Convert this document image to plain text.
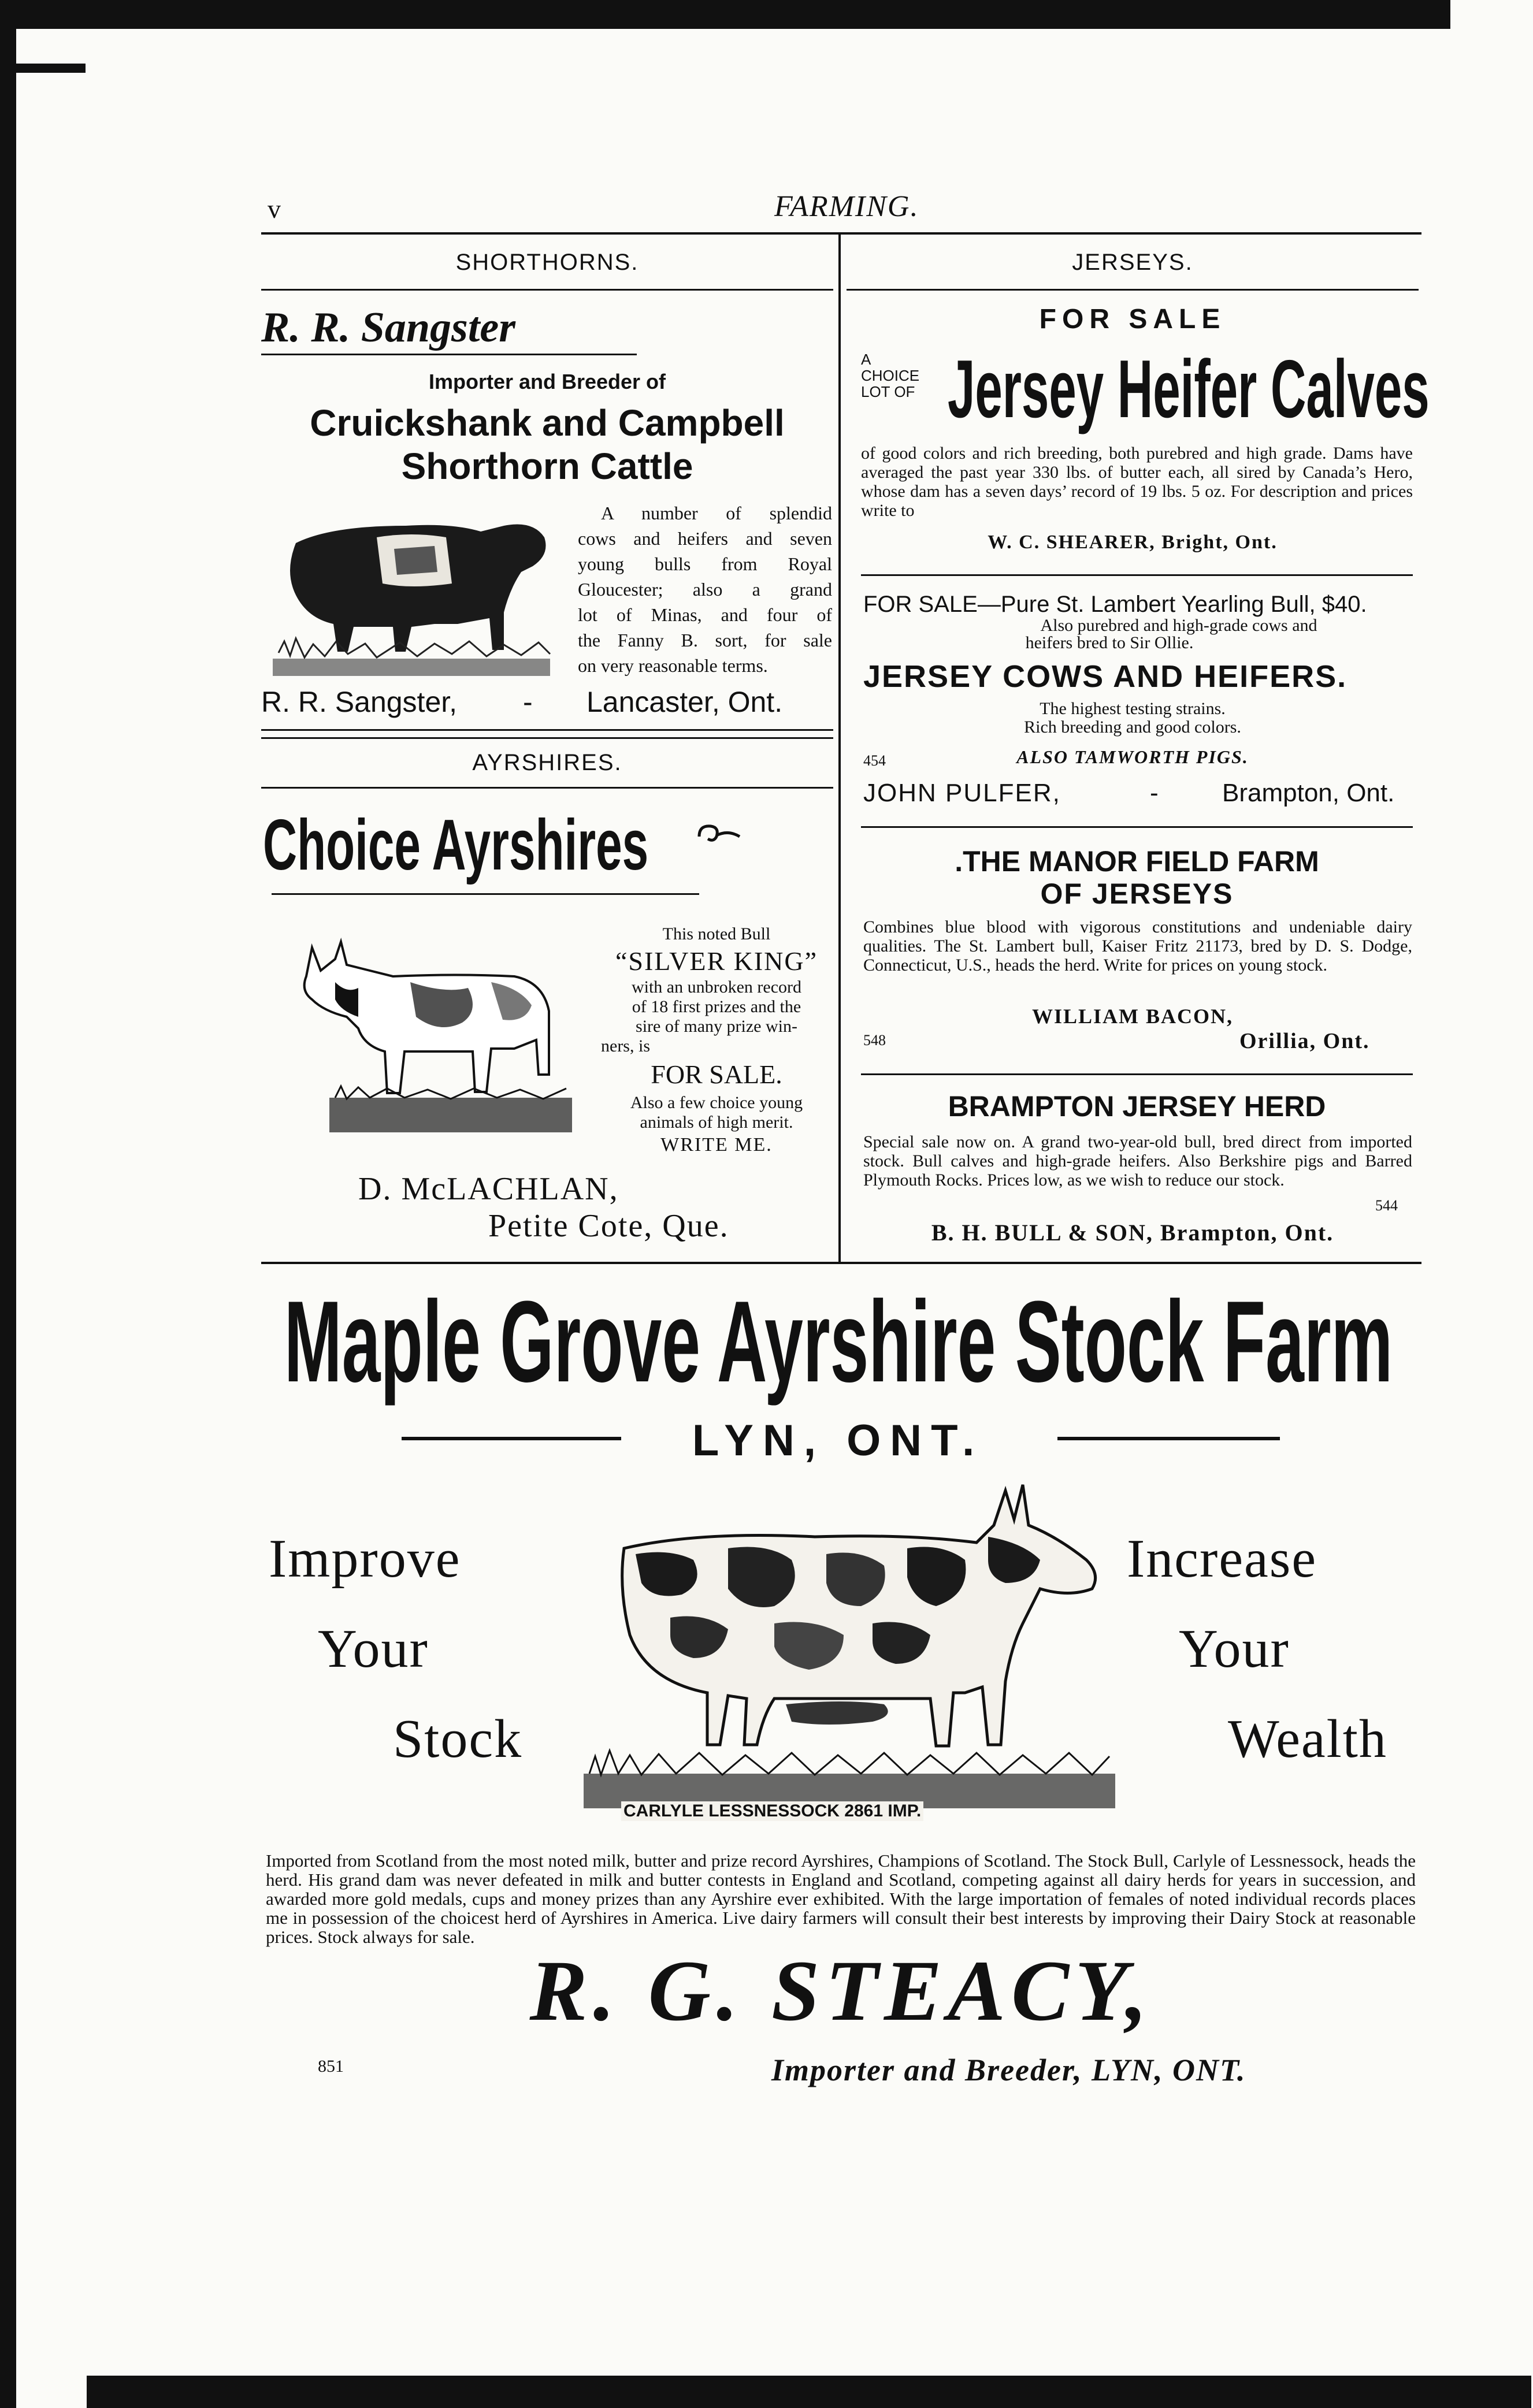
v	FARMING.
SHORTHORNS.
R. R. Sangster
Importer and Breeder of
Cruickshank and Campbell
Shorthorn Cattle
A number of splendid
cows and heifers and seven
young bulls from Royal
Gloucester; also a grand
lot of Minas, and four of
the Fanny B. sort, for sale
on very reasonable terms.
R. R. Sangster, - Lancaster, Ont.
AYRSHIRES.
Choice Ayrshires
This noted Bull
“SILVER KING”
with an unbroken record
of 18 first prizes and the
sire of many prize win-
ners, is
FOR SALE.
Also a few choice young
animals of high merit.
WRITE ME.
D. McLACHLAN,
Petite Cote, Que.
JERSEYS.
FOR SALE
A
CHOICE
LOT OF Jersey Heifer Calves
of good colors and rich breeding, both purebred and high grade. Dams have averaged the past year 330 lbs. of butter each, all sired by Canada’s Hero, whose dam has a seven days’ record of 19 lbs. 5 oz. For description and prices write to
W. C. SHEARER, Bright, Ont.
FOR SALE—Pure St. Lambert Yearling Bull, $40.
Also purebred and high-grade cows and
heifers bred to Sir Ollie.
JERSEY COWS AND HEIFERS.
The highest testing strains.
Rich breeding and good colors.
454	ALSO TAMWORTH PIGS.
JOHN PULFER,	-	Brampton, Ont.
.THE MANOR FIELD FARM
OF JERSEYS
Combines blue blood with vigorous constitutions and undeniable dairy qualities. The St. Lambert bull, Kaiser Fritz 21173, bred by D. S. Dodge, Connecticut, U.S., heads the herd. Write for prices on young stock.
WILLIAM BACON,
548	Orillia, Ont.
BRAMPTON JERSEY HERD
Special sale now on. A grand two-year-old bull, bred direct from imported stock. Bull calves and high-grade heifers. Also Berkshire pigs and Barred Plymouth Rocks. Prices low, as we wish to reduce our stock.
544
B. H. BULL & SON, Brampton, Ont.
Maple Grove Ayrshire Stock Farm
LYN, ONT.
Improve
Your
Stock
Increase
Your
Wealth
CARLYLE LESSNESSOCK 2861 IMP.
Imported from Scotland from the most noted milk, butter and prize record Ayrshires, Champions of Scotland. The Stock Bull, Carlyle of Lessnessock, heads the herd. His grand dam was never defeated in milk and butter contests in England and Scotland, competing against all dairy herds for years in succession, and awarded more gold medals, cups and money prizes than any Ayrshire ever exhibited. With the large importation of females of noted individual records places me in possession of the choicest herd of Ayrshires in America. Live dairy farmers will consult their best interests by improving their Dairy Stock at reasonable prices. Stock always for sale.
R. G. STEACY,
851	Importer and Breeder, LYN, ONT.
